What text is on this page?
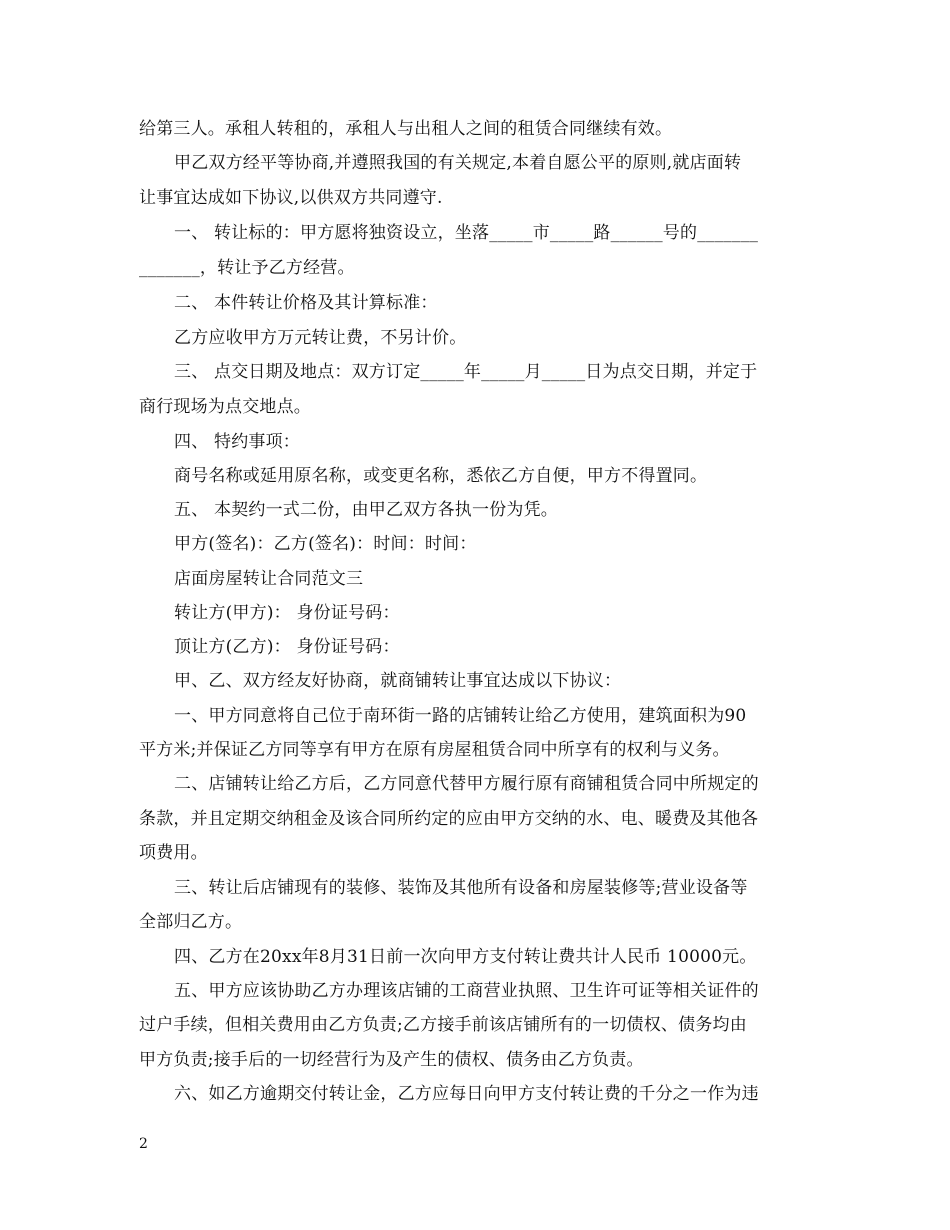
给第三人。承租人转租的，承租人与出租人之间的租赁合同继续有效。
甲乙双方经平等协商,并遵照我国的有关规定,本着自愿公平的原则,就店面转
让事宜达成如下协议,以供双方共同遵守.
一、 转让标的：甲方愿将独资设立，坐落_____市_____路______号的_______
_______，转让予乙方经营。
二、 本件转让价格及其计算标准：
乙方应收甲方万元转让费，不另计价。
三、 点交日期及地点：双方订定_____年_____月_____日为点交日期，并定于
商行现场为点交地点。
四、 特约事项：
商号名称或延用原名称，或变更名称，悉依乙方自便，甲方不得置同。
五、 本契约一式二份，由甲乙双方各执一份为凭。
甲方(签名)：乙方(签名)：时间：时间：
店面房屋转让合同范文三
转让方(甲方)： 身份证号码：
顶让方(乙方)： 身份证号码：
甲、乙、双方经友好协商，就商铺转让事宜达成以下协议：
一、甲方同意将自己位于南环街一路的店铺转让给乙方使用，建筑面积为90
平方米;并保证乙方同等享有甲方在原有房屋租赁合同中所享有的权利与义务。
二、店铺转让给乙方后，乙方同意代替甲方履行原有商铺租赁合同中所规定的
条款，并且定期交纳租金及该合同所约定的应由甲方交纳的水、电、暖费及其他各
项费用。
三、转让后店铺现有的装修、装饰及其他所有设备和房屋装修等;营业设备等
全部归乙方。
四、乙方在20xx年8月31日前一次向甲方支付转让费共计人民币 10000元。
五、甲方应该协助乙方办理该店铺的工商营业执照、卫生许可证等相关证件的
过户手续，但相关费用由乙方负责;乙方接手前该店铺所有的一切债权、债务均由
甲方负责;接手后的一切经营行为及产生的债权、债务由乙方负责。
六、如乙方逾期交付转让金，乙方应每日向甲方支付转让费的千分之一作为违
2
